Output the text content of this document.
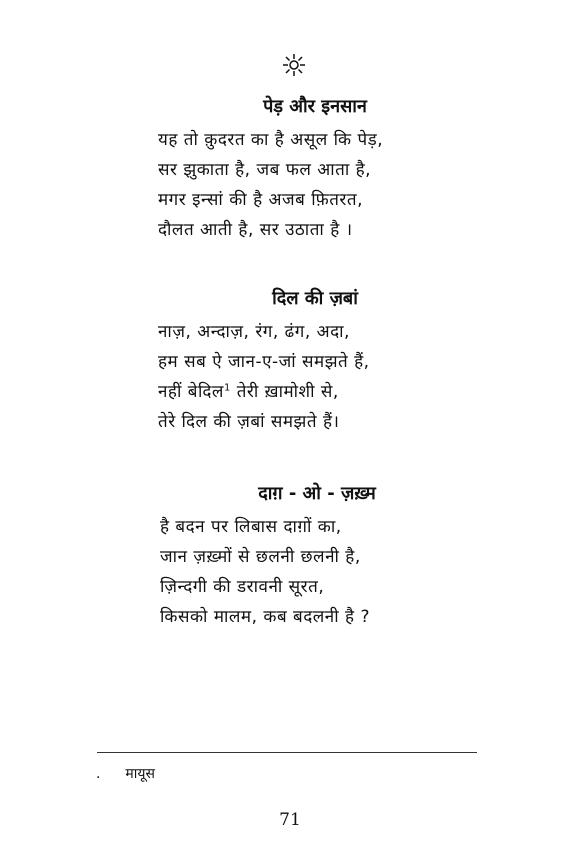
पेड़ और इनसान

यह तो क़ुदरत का है असूल कि पेड़,

सर झुकाता है, जब फल आता है,

मगर इन्सां की है अजब फ़ितरत,

दौलत आती है, सर उठाता है ।

दिल की ज़बां

नाज़, अन्दाज़, रंग, ढंग, अदा,

हम सब ऐ जान-ए-जां समझते हैं,

नहीं बेदिल$^1$ तेरी ख़ामोशी से,

तेरे दिल की ज़बां समझते हैं।

दाग़ - ओ - ज़ख़्म

है बदन पर लिबास दाग़ों का,

जान ज़ख़्मों से छलनी छलनी है,

ज़िन्दगी की डरावनी सूरत,

किसको मालम, कब बदलनी है ?

. मायूस
71
